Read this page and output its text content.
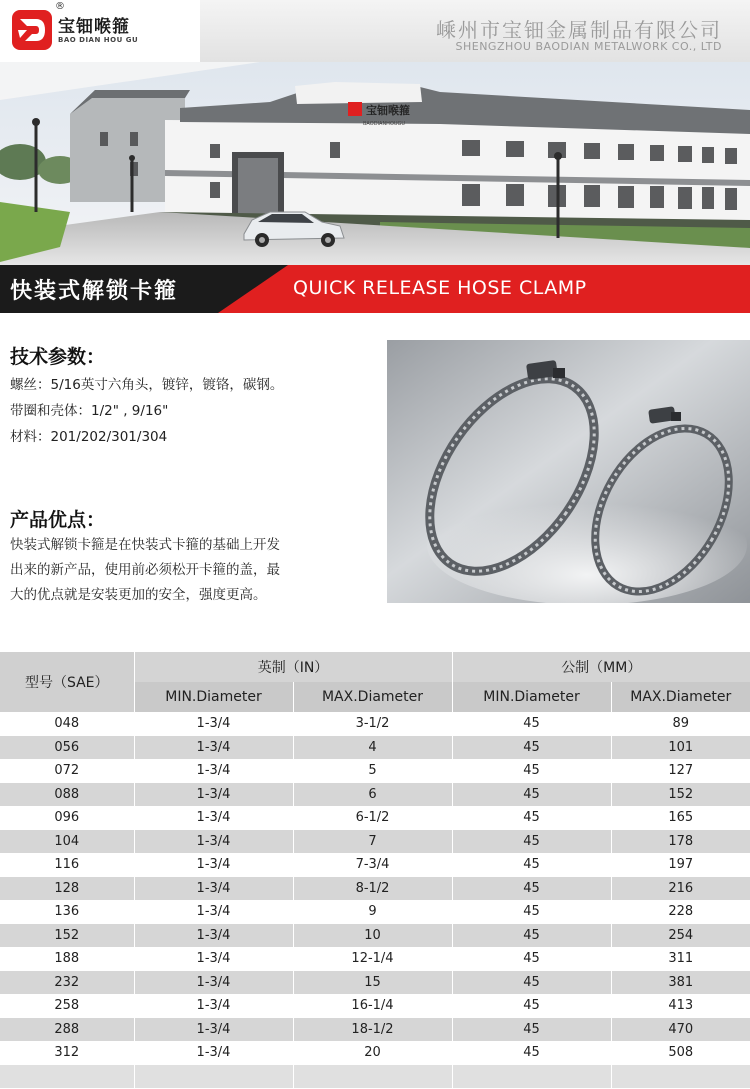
®
宝钿喉箍
BAO DIAN HOU GU	嵊州市宝钿金属制品有限公司
SHENGZHOU BAODIAN METALWORK CO., LTD
宝钿喉箍
BAODIANHOUGU
快装式解锁卡箍	QUICK RELEASE HOSE CLAMP
技术参数：
螺丝：5/16英寸六角头，镀锌，镀铬，碳钢。
带圈和壳体：1/2" , 9/16"
材料：201/202/301/304
产品优点：
快装式解锁卡箍是在快装式卡箍的基础上开发
出来的新产品，使用前必须松开卡箍的盖，最
大的优点就是安装更加的安全，强度更高。
型号（SAE）	英制（IN）		公制（MM）	
	MIN.Diameter	MAX.Diameter	MIN.Diameter	MAX.Diameter
048	1-3/4	3-1/2	45	89
056	1-3/4	4	45	101
072	1-3/4	5	45	127
088	1-3/4	6	45	152
096	1-3/4	6-1/2	45	165
104	1-3/4	7	45	178
116	1-3/4	7-3/4	45	197
128	1-3/4	8-1/2	45	216
136	1-3/4	9	45	228
152	1-3/4	10	45	254
188	1-3/4	12-1/4	45	311
232	1-3/4	15	45	381
258	1-3/4	16-1/4	45	413
288	1-3/4	18-1/2	45	470
312	1-3/4	20	45	508
